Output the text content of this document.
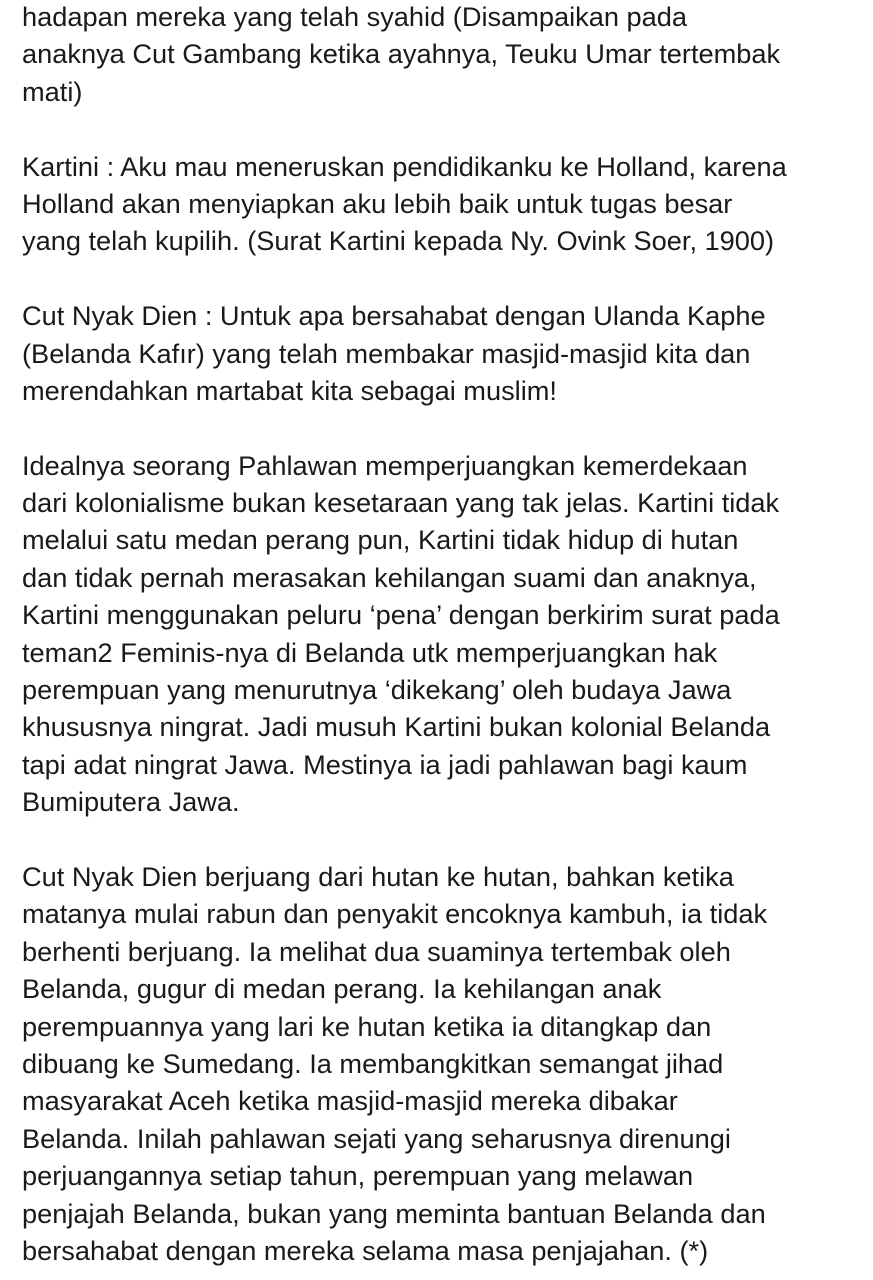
hadapan mereka yang telah syahid (Disampaikan pada
anaknya Cut Gambang ketika ayahnya, Teuku Umar tertembak
mati)
Kartini : Aku mau meneruskan pendidikanku ke Holland, karena
Holland akan menyiapkan aku lebih baik untuk tugas besar
yang telah kupilih. (Surat Kartini kepada Ny. Ovink Soer, 1900)
Cut Nyak Dien : Untuk apa bersahabat dengan Ulanda Kaphe
(Belanda Kafır) yang telah membakar masjid-masjid kita dan
merendahkan martabat kita sebagai muslim!
Idealnya seorang Pahlawan memperjuangkan kemerdekaan
dari kolonialisme bukan kesetaraan yang tak jelas. Kartini tidak
melalui satu medan perang pun, Kartini tidak hidup di hutan
dan tidak pernah merasakan kehilangan suami dan anaknya,
Kartini menggunakan peluru ‘pena’ dengan berkirim surat pada
teman2 Feminis-nya di Belanda utk memperjuangkan hak
perempuan yang menurutnya ‘dikekang’ oleh budaya Jawa
khususnya ningrat. Jadi musuh Kartini bukan kolonial Belanda
tapi adat ningrat Jawa. Mestinya ia jadi pahlawan bagi kaum
Bumiputera Jawa.
Cut Nyak Dien berjuang dari hutan ke hutan, bahkan ketika
matanya mulai rabun dan penyakit encoknya kambuh, ia tidak
berhenti berjuang. Ia melihat dua suaminya tertembak oleh
Belanda, gugur di medan perang. Ia kehilangan anak
perempuannya yang lari ke hutan ketika ia ditangkap dan
dibuang ke Sumedang. Ia membangkitkan semangat jihad
masyarakat Aceh ketika masjid-masjid mereka dibakar
Belanda. Inilah pahlawan sejati yang seharusnya direnungi
perjuangannya setiap tahun, perempuan yang melawan
penjajah Belanda, bukan yang meminta bantuan Belanda dan
bersahabat dengan mereka selama masa penjajahan. (*)
